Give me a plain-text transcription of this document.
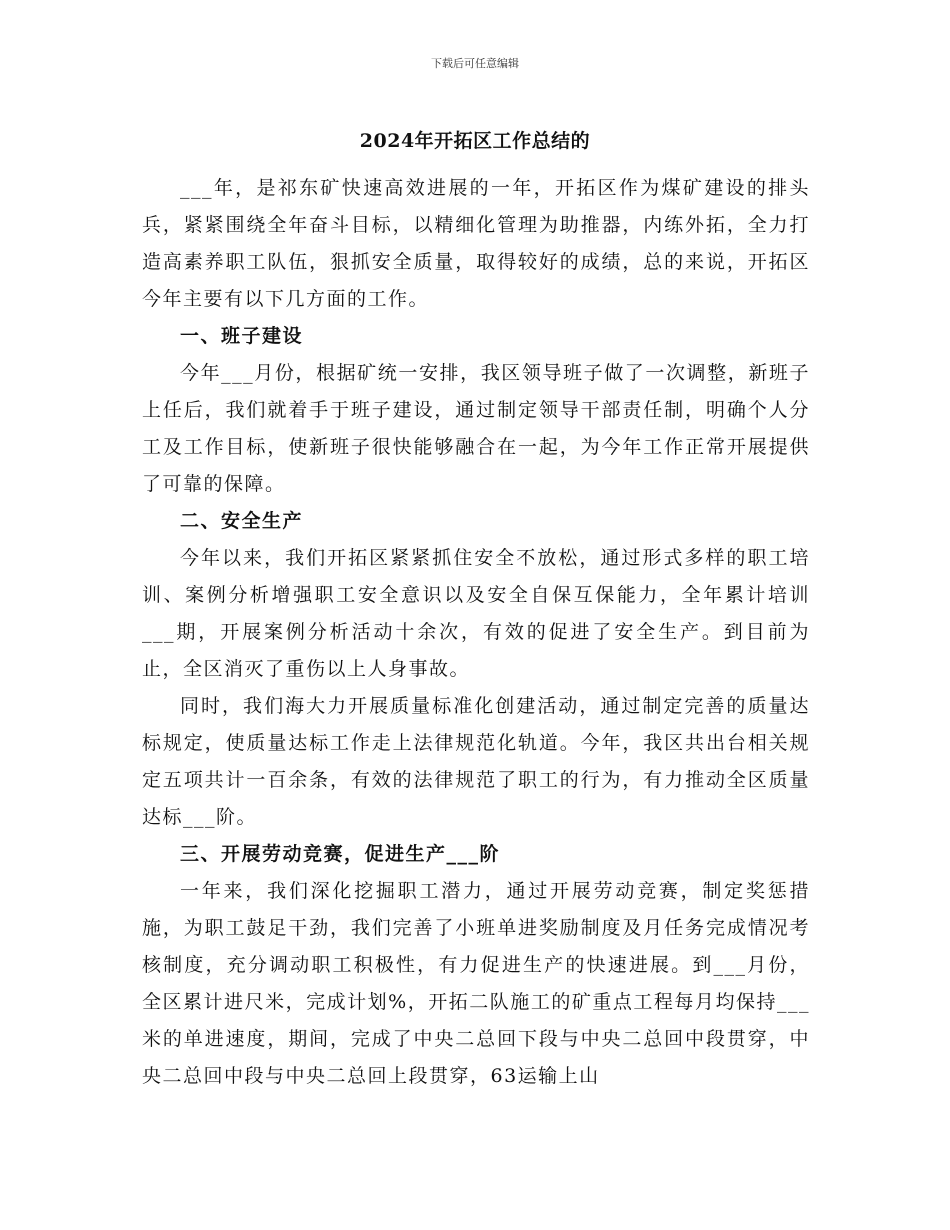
下载后可任意编辑
2024年开拓区工作总结的

___年，是祁东矿快速高效进展的一年，开拓区作为煤矿建设的排头兵，紧紧围绕全年奋斗目标，以精细化管理为助推器，内练外拓，全力打造高素养职工队伍，狠抓安全质量，取得较好的成绩，总的来说，开拓区今年主要有以下几方面的工作。

一、班子建设

今年___月份，根据矿统一安排，我区领导班子做了一次调整，新班子上任后，我们就着手于班子建设，通过制定领导干部责任制，明确个人分工及工作目标，使新班子很快能够融合在一起，为今年工作正常开展提供了可靠的保障。

二、安全生产

今年以来，我们开拓区紧紧抓住安全不放松，通过形式多样的职工培训、案例分析增强职工安全意识以及安全自保互保能力，全年累计培训___期，开展案例分析活动十余次，有效的促进了安全生产。到目前为止，全区消灭了重伤以上人身事故。

同时，我们海大力开展质量标准化创建活动，通过制定完善的质量达标规定，使质量达标工作走上法律规范化轨道。今年，我区共出台相关规定五项共计一百余条，有效的法律规范了职工的行为，有力推动全区质量达标___阶。

三、开展劳动竞赛，促进生产___阶

一年来，我们深化挖掘职工潜力，通过开展劳动竞赛，制定奖惩措施，为职工鼓足干劲，我们完善了小班单进奖励制度及月任务完成情况考核制度，充分调动职工积极性，有力促进生产的快速进展。到___月份，全区累计进尺米，完成计划%，开拓二队施工的矿重点工程每月均保持___米的单进速度，期间，完成了中央二总回下段与中央二总回中段贯穿，中央二总回中段与中央二总回上段贯穿，63运输上山
